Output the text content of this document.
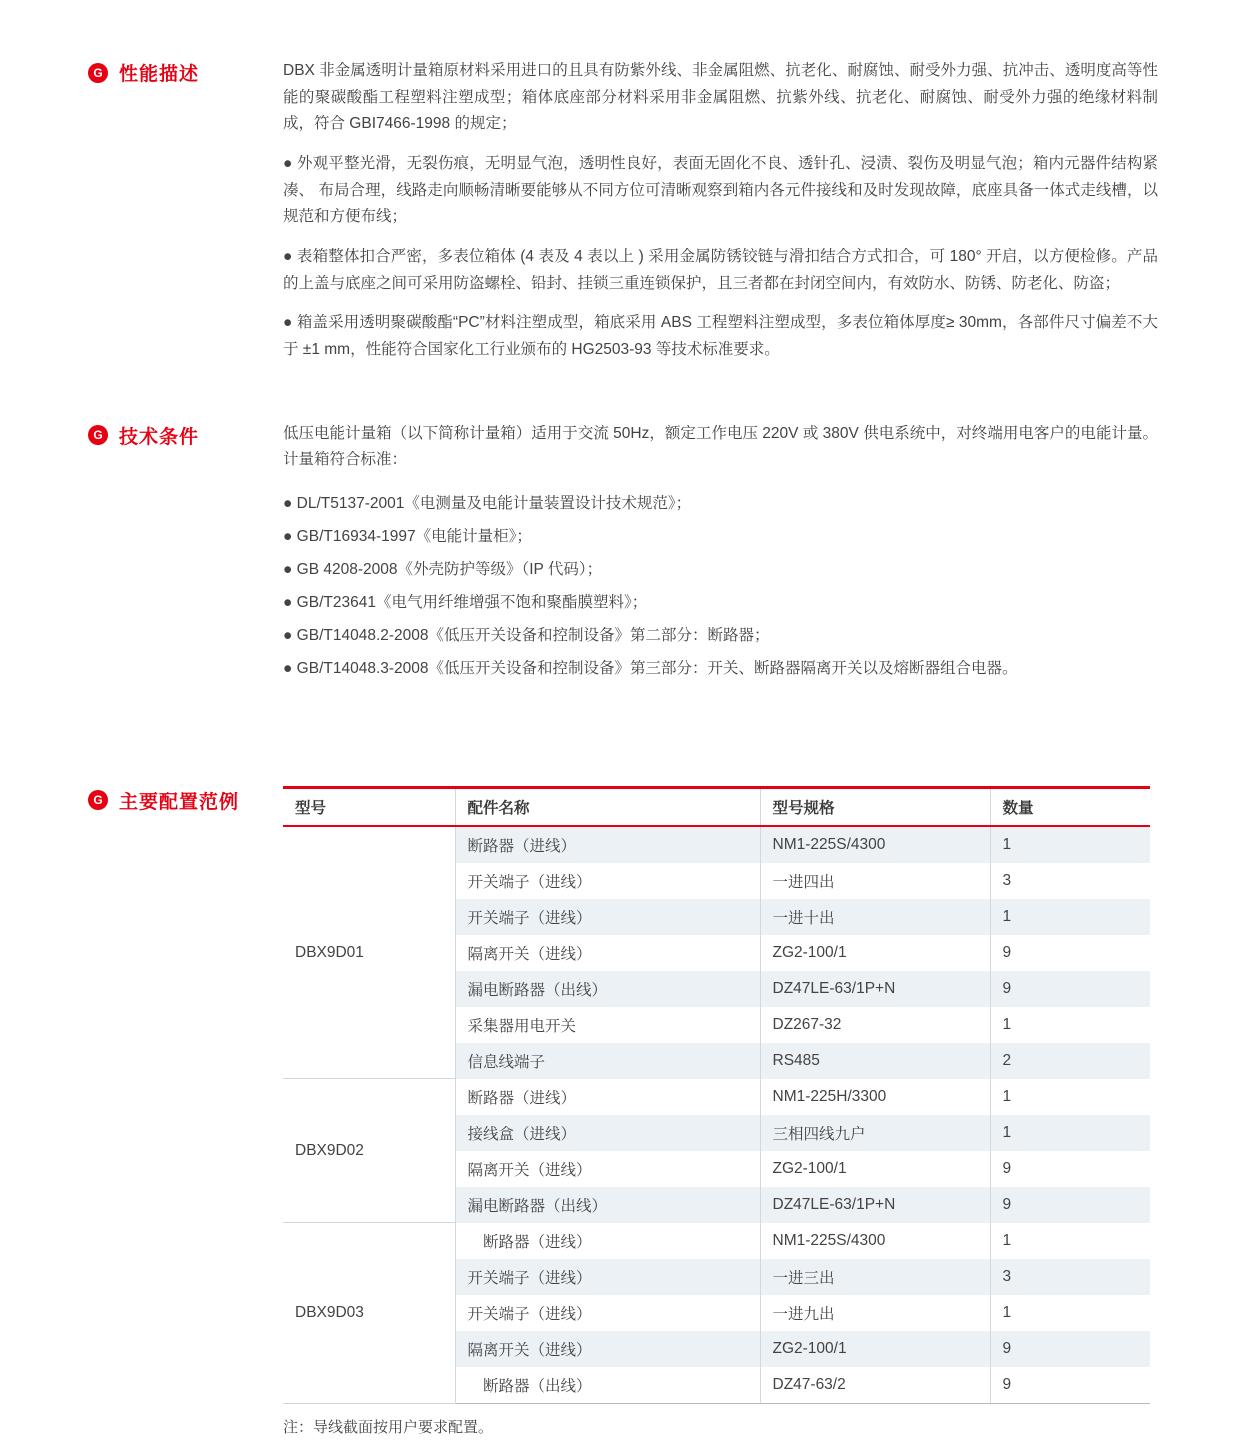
G 性能描述	DBX 非金属透明计量箱原材料采用进口的且具有防紫外线、非金属阻燃、抗老化、耐腐蚀、耐受外力强、抗冲击、透明度高等性能的聚碳酸酯工程塑料注塑成型；箱体底座部分材料采用非金属阻燃、抗紫外线、抗老化、耐腐蚀、耐受外力强的绝缘材料制成，符合 GBI7466-1998 的规定；

● 外观平整光滑，无裂伤痕，无明显气泡，透明性良好，表面无固化不良、透针孔、浸渍、裂伤及明显气泡；箱内元器件结构紧凑、 布局合理，线路走向顺畅清晰要能够从不同方位可清晰观察到箱内各元件接线和及时发现故障，底座具备一体式走线槽，以规范和方便布线；

● 表箱整体扣合严密，多表位箱体 (4 表及 4 表以上 ) 采用金属防锈铰链与滑扣结合方式扣合，可 180° 开启，以方便检修。产品的上盖与底座之间可采用防盗螺栓、铅封、挂锁三重连锁保护，且三者都在封闭空间内，有效防水、防锈、防老化、防盗；

● 箱盖采用透明聚碳酸酯“PC”材料注塑成型，箱底采用 ABS 工程塑料注塑成型，多表位箱体厚度≥ 30mm，各部件尺寸偏差不大于 ±1 mm，性能符合国家化工行业颁布的 HG2503-93 等技术标准要求。

G 技术条件	低压电能计量箱（以下简称计量箱）适用于交流 50Hz，额定工作电压 220V 或 380V 供电系统中，对终端用电客户的电能计量。计量箱符合标准：

● DL/T5137-2001《电测量及电能计量装置设计技术规范》；
● GB/T16934-1997《电能计量柜》；
● GB 4208-2008《外壳防护等级》（IP 代码）；
● GB/T23641《电气用纤维增强不饱和聚酯膜塑料》；
● GB/T14048.2-2008《低压开关设备和控制设备》第二部分：断路器；
● GB/T14048.3-2008《低压开关设备和控制设备》第三部分：开关、断路器隔离开关以及熔断器组合电器。
G 主要配置范例	型号	配件名称	型号规格	数量
DBX9D01	断路器（进线）	NM1-225S/4300	1
	开关端子（进线）	一进四出	3
	开关端子（进线）	一进十出	1
	隔离开关（进线）	ZG2-100/1	9
	漏电断路器（出线）	DZ47LE-63/1P+N	9
	采集器用电开关	DZ267-32	1
	信息线端子	RS485	2
DBX9D02	断路器（进线）	NM1-225H/3300	1
	接线盒（进线）	三相四线九户	1
	隔离开关（进线）	ZG2-100/1	9
	漏电断路器（出线）	DZ47LE-63/1P+N	9
DBX9D03	　断路器（进线）	NM1-225S/4300	1
	开关端子（进线）	一进三出	3
	开关端子（进线）	一进九出	1
	隔离开关（进线）	ZG2-100/1	9
	　断路器（出线）	DZ47-63/2	9

注：导线截面按用户要求配置。
